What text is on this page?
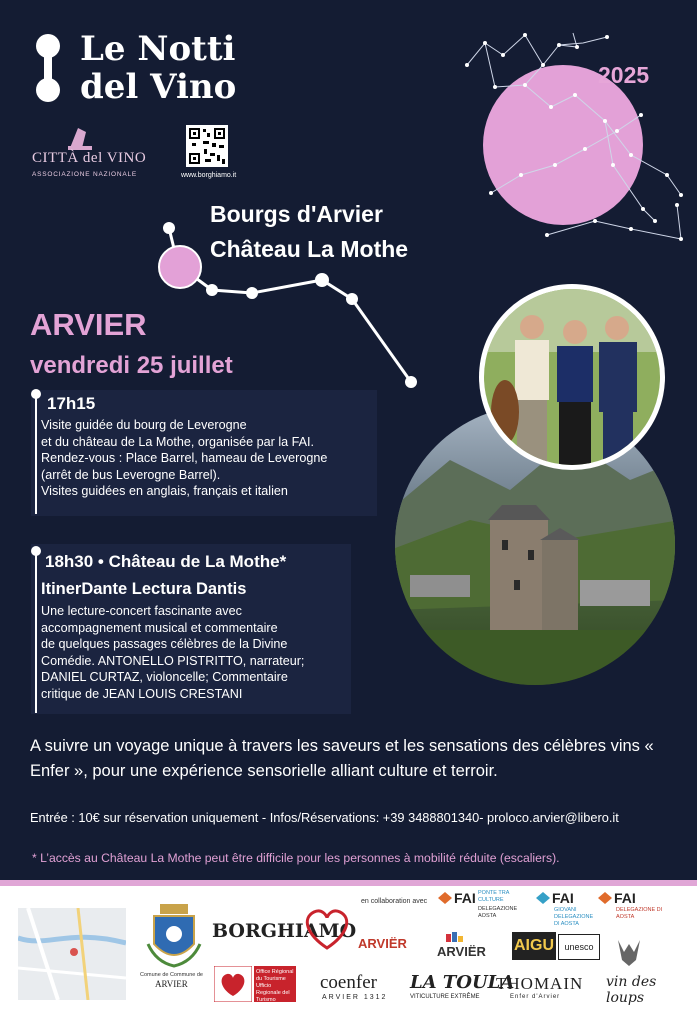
Le Notti
del Vino	2025
CITTÀ del VINO
ASSOCIAZIONE NAZIONALE	www.borghiamo.it
Bourgs d'Arvier
Château La Mothe
ARVIER
vendredi 25 juillet
17h15
Visite guidée du bourg de Leverogne
et du château de La Mothe, organisée par la FAI.
Rendez-vous : Place Barrel, hameau de Leverogne
(arrêt de bus Leverogne Barrel).
Visites guidées en anglais, français et italien
18h30 • Château de La Mothe*
ItinerDante Lectura Dantis
Une lecture-concert fascinante avec
accompagnement musical et commentaire
de quelques passages célèbres de la Divine
Comédie. ANTONELLO PISTRITTO, narrateur;
DANIEL CURTAZ, violoncelle; Commentaire
critique de JEAN LOUIS CRESTANI
A suivre un voyage unique à travers les saveurs et les sensations des célèbres vins « Enfer », pour une expérience sensorielle alliant culture et terroir.
Entrée : 10€ sur réservation uniquement - Infos/Réservations: +39 3488801340- proloco.arvier@libero.it
* L’accès au Château La Mothe peut être difficile pour les personnes à mobilité réduite (escaliers).
Comune de Commune de
ARVIER
BORGHIAMO
Office Régional du Tourisme
Ufficio Regionale del Turismo
en collaboration avec
ARVIËR
ARVIËR
coenfer
ARVIER 1312
LA TOULA
VITICULTURE EXTRÊME
THOMAIN
Enfer d'Arvier
FAI PONTE TRA CULTURE
DELEGAZIONE AOSTA
FAI
GIOVANI DELEGAZIONE DI AOSTA
FAI
DELEGAZIONE DI AOSTA
AIGU	unesco
vin des loups
